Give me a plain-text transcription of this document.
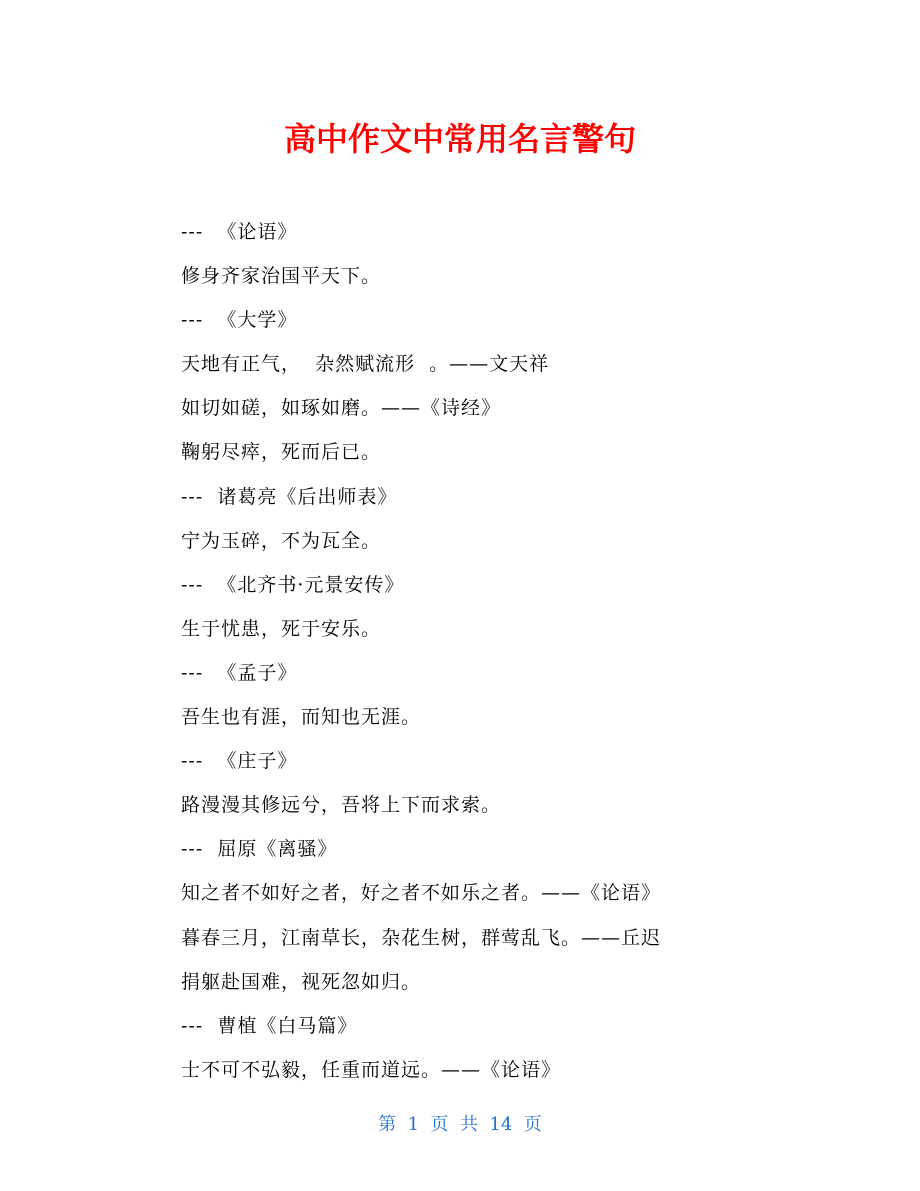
高中作文中常用名言警句
---  《论语》
修身齐家治国平天下。
---  《大学》
天地有正气，  杂然赋流形  。——文天祥
如切如磋，如琢如磨。——《诗经》
鞠躬尽瘁，死而后已。
---  诸葛亮《后出师表》
宁为玉碎，不为瓦全。
---  《北齐书·元景安传》
生于忧患，死于安乐。
---  《孟子》
吾生也有涯，而知也无涯。
---  《庄子》
路漫漫其修远兮，吾将上下而求索。
---  屈原《离骚》
知之者不如好之者，好之者不如乐之者。——《论语》
暮春三月，江南草长，杂花生树，群莺乱飞。——丘迟
捐躯赴国难，视死忽如归。
---  曹植《白马篇》
士不可不弘毅，任重而道远。——《论语》
第  1  页  共  14  页
